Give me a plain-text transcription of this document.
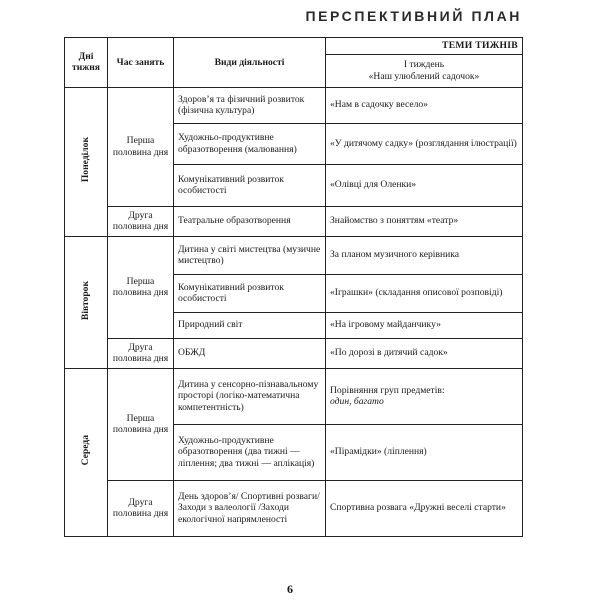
ПЕРСПЕКТИВНИЙ ПЛАН
Дні тижня	Час занять	Види діяльності	ТЕМИ ТИЖНІВ
			І тиждень
«Наш улюблений садочок»
Понеділок	Перша половина дня	Здоров’я та фізичний розвиток (фізична культура)	«Нам в садочку весело»
		Художньо-продуктивне образотворення (малювання)	«У дитячому садку» (розглядання ілюстрації)
		Комунікативний розвиток особистості	«Олівці для Оленки»
	Друга половина дня	Театральне образотворення	Знайомство з поняттям «театр»
Вівторок	Перша половина дня	Дитина у світі мистецтва (музичне мистецтво)	За планом музичного керівника
		Комунікативний розвиток особистості	«Іграшки» (складання описової розповіді)
		Природний світ	«На ігровому майданчику»
	Друга половина дня	ОБЖД	«По дорозі в дитячий садок»
Середа	Перша половина дня	Дитина у сенсорно-пізнавальному просторі (логіко-математична компетентність)	Порівняння груп предметів:
один, багато
		Художньо-продуктивне образотворення (два тижні — ліплення; два тижні — аплікація)	«Пірамідки» (ліплення)
	Друга половина дня	День здоров’я/ Спортивні розваги/ Заходи з валеології /Заходи екологічної напрямленості	Спортивна розвага «Дружні веселі старти»
6
